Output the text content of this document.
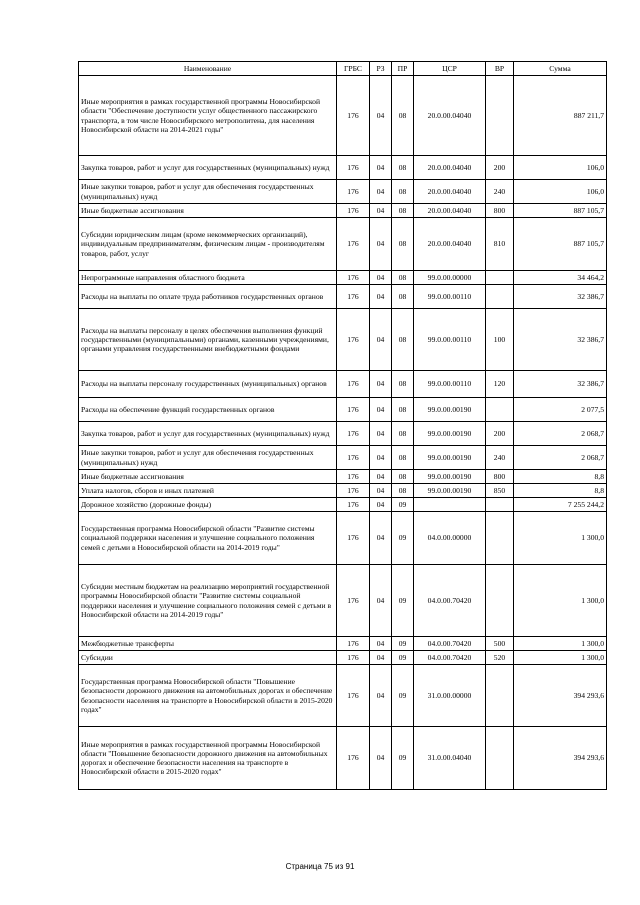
Наименование	ГРБС	РЗ	ПР	ЦСР	ВР	Сумма
Иные мероприятия в рамках государственной программы Новосибирской области "Обеспечение доступности услуг общественного пассажирского транспорта, в том числе Новосибирского метрополитена, для населения Новосибирской области на 2014-2021 годы"	176	04	08	20.0.00.04040		887 211,7
Закупка товаров, работ и услуг для государственных (муниципальных) нужд	176	04	08	20.0.00.04040	200	106,0
Иные закупки товаров, работ и услуг для обеспечения государственных (муниципальных) нужд	176	04	08	20.0.00.04040	240	106,0
Иные бюджетные ассигнования	176	04	08	20.0.00.04040	800	887 105,7
Субсидии юридическим лицам (кроме некоммерческих организаций), индивидуальным предпринимателям, физическим лицам - производителям товаров, работ, услуг	176	04	08	20.0.00.04040	810	887 105,7
Непрограммные направления областного бюджета	176	04	08	99.0.00.00000		34 464,2
Расходы на выплаты по оплате труда работников государственных органов	176	04	08	99.0.00.00110		32 386,7
Расходы на выплаты персоналу в целях обеспечения выполнения функций государственными (муниципальными) органами, казенными учреждениями, органами управления государственными внебюджетными фондами	176	04	08	99.0.00.00110	100	32 386,7
Расходы на выплаты персоналу государственных (муниципальных) органов	176	04	08	99.0.00.00110	120	32 386,7
Расходы на обеспечение функций государственных органов	176	04	08	99.0.00.00190		2 077,5
Закупка товаров, работ и услуг для государственных (муниципальных) нужд	176	04	08	99.0.00.00190	200	2 068,7
Иные закупки товаров, работ и услуг для обеспечения государственных (муниципальных) нужд	176	04	08	99.0.00.00190	240	2 068,7
Иные бюджетные ассигнования	176	04	08	99.0.00.00190	800	8,8
Уплата налогов, сборов и иных платежей	176	04	08	99.0.00.00190	850	8,8
Дорожное хозяйство (дорожные фонды)	176	04	09			7 255 244,2
Государственная программа Новосибирской области "Развитие системы социальной поддержки населения и улучшение социального положения семей с детьми в Новосибирской области на 2014-2019 годы"	176	04	09	04.0.00.00000		1 300,0
Субсидии местным бюджетам на реализацию мероприятий государственной программы Новосибирской области "Развитие системы социальной поддержки населения и улучшение социального положения семей с детьми в Новосибирской области на 2014-2019 годы"	176	04	09	04.0.00.70420		1 300,0
Межбюджетные трансферты	176	04	09	04.0.00.70420	500	1 300,0
Субсидии	176	04	09	04.0.00.70420	520	1 300,0
Государственная программа Новосибирской области "Повышение безопасности дорожного движения на автомобильных дорогах и обеспечение безопасности населения на транспорте в Новосибирской области в 2015-2020 годах"	176	04	09	31.0.00.00000		394 293,6
Иные мероприятия в рамках государственной программы Новосибирской области "Повышение безопасности дорожного движения на автомобильных дорогах и обеспечение безопасности населения на транспорте в Новосибирской области в 2015-2020 годах"	176	04	09	31.0.00.04040		394 293,6
Страница 75 из 91
